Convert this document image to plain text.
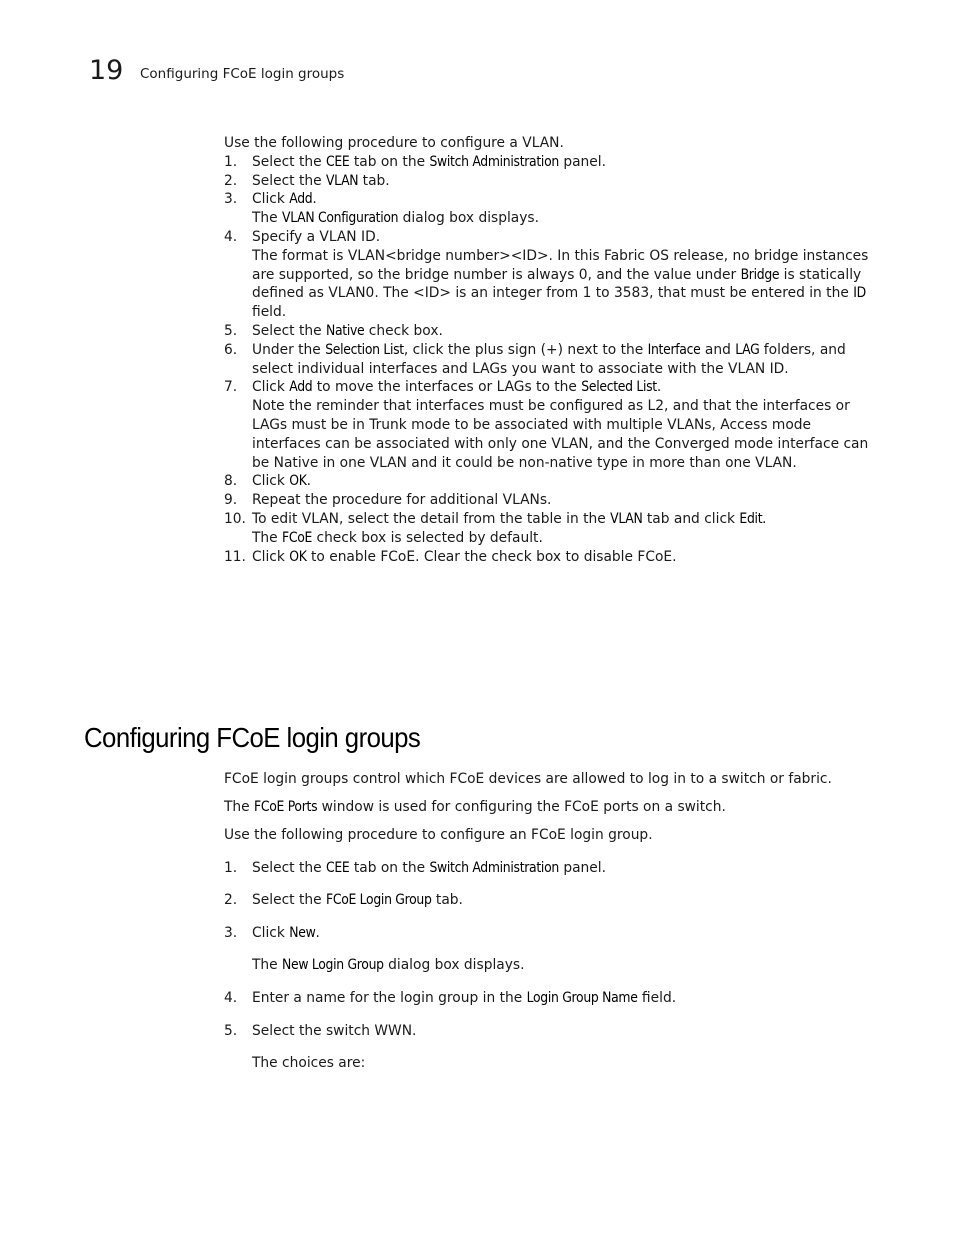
19 Configuring FCoE login groups

Use the following procedure to configure a VLAN.

1. Select the CEE tab on the Switch Administration panel.

2. Select the VLAN tab.

3. Click Add.

The VLAN Configuration dialog box displays.

4. Specify a VLAN ID.

The format is VLAN<bridge number><ID>. In this Fabric OS release, no bridge instances are supported, so the bridge number is always 0, and the value under Bridge is statically defined as VLAN0. The <ID> is an integer from 1 to 3583, that must be entered in the ID field.

5. Select the Native check box.

6. Under the Selection List, click the plus sign (+) next to the Interface and LAG folders, and select individual interfaces and LAGs you want to associate with the VLAN ID.

7. Click Add to move the interfaces or LAGs to the Selected List.

Note the reminder that interfaces must be configured as L2, and that the interfaces or LAGs must be in Trunk mode to be associated with multiple VLANs, Access mode interfaces can be associated with only one VLAN, and the Converged mode interface can be Native in one VLAN and it could be non-native type in more than one VLAN.

8. Click OK.

9. Repeat the procedure for additional VLANs.

10. To edit VLAN, select the detail from the table in the VLAN tab and click Edit.

The FCoE check box is selected by default.

11. Click OK to enable FCoE. Clear the check box to disable FCoE.

Configuring FCoE login groups

FCoE login groups control which FCoE devices are allowed to log in to a switch or fabric.

The FCoE Ports window is used for configuring the FCoE ports on a switch.

Use the following procedure to configure an FCoE login group.

1. Select the CEE tab on the Switch Administration panel.

2. Select the FCoE Login Group tab.

3. Click New.

The New Login Group dialog box displays.

4. Enter a name for the login group in the Login Group Name field.

5. Select the switch WWN.

The choices are:
